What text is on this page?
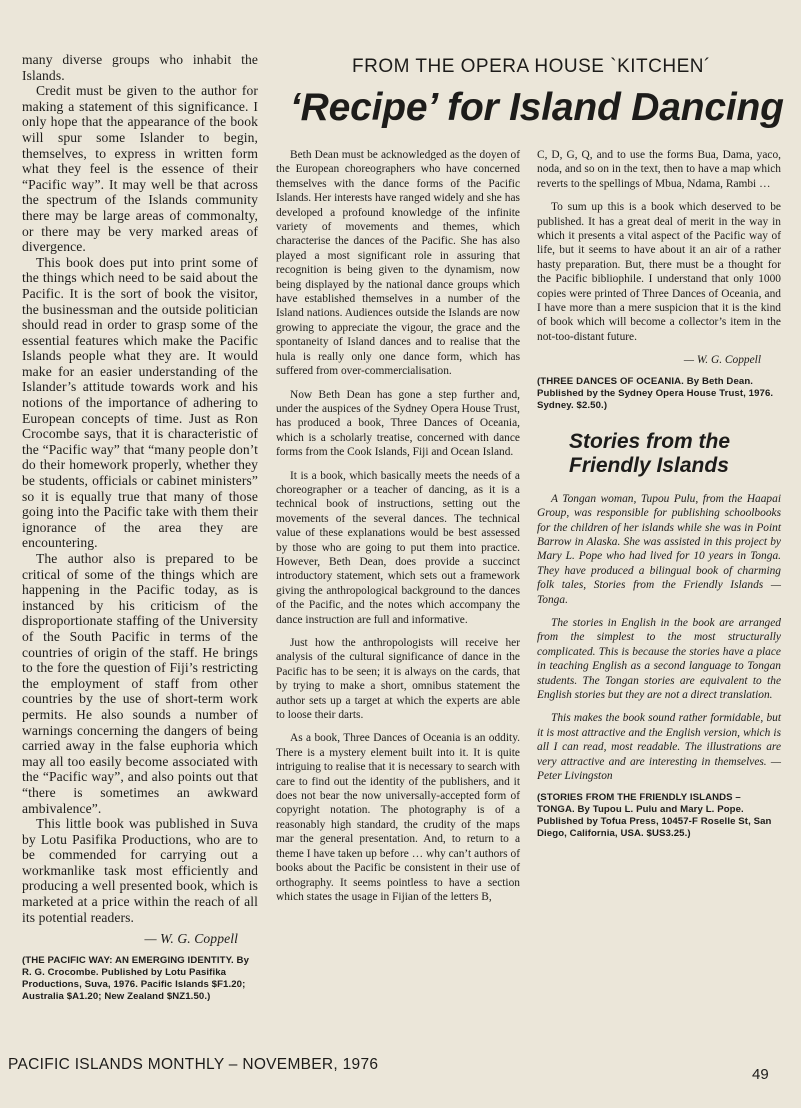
FROM THE OPERA HOUSE `KITCHEN´
‘Recipe’ for Island Dancing

many diverse groups who inhabit the Islands.

Credit must be given to the author for making a statement of this significance. I only hope that the appearance of the book will spur some Islander to begin, themselves, to express in written form what they feel is the essence of their “Pacific way”. It may well be that across the spectrum of the Islands community there may be large areas of commonalty, or there may be very marked areas of divergence.

This book does put into print some of the things which need to be said about the Pacific. It is the sort of book the visitor, the businessman and the outside politician should read in order to grasp some of the essential features which make the Pacific Islands people what they are. It would make for an easier understanding of the Islander’s attitude towards work and his notions of the importance of adhering to European concepts of time. Just as Ron Crocombe says, that it is characteristic of the “Pacific way” that “many people don’t do their homework properly, whether they be students, officials or cabinet ministers” so it is equally true that many of those going into the Pacific take with them their ignorance of the area they are encountering.

The author also is prepared to be critical of some of the things which are happening in the Pacific today, as is instanced by his criticism of the disproportionate staffing of the University of the South Pacific in terms of the countries of origin of the staff. He brings to the fore the question of Fiji’s restricting the employment of staff from other countries by the use of short-term work permits. He also sounds a number of warnings concerning the dangers of being carried away in the false euphoria which may all too easily become associated with the “Pacific way”, and also points out that “there is sometimes an awkward ambivalence”.

This little book was published in Suva by Lotu Pasifika Productions, who are to be commended for carrying out a workmanlike task most efficiently and producing a well presented book, which is marketed at a price within the reach of all its potential readers.

— W. G. Coppell
(THE PACIFIC WAY: AN EMERGING IDENTITY. By R. G. Crocombe. Published by Lotu Pasifika Productions, Suva, 1976. Pacific Islands $F1.20; Australia $A1.20; New Zealand $NZ1.50.)

Beth Dean must be acknowledged as the doyen of the European choreographers who have concerned themselves with the dance forms of the Pacific Islands. Her interests have ranged widely and she has developed a profound knowledge of the infinite variety of movements and themes, which characterise the dances of the Pacific. She has also played a most significant role in assuring that recognition is being given to the dynamism, now being displayed by the national dance groups which have established themselves in a number of the Island nations. Audiences outside the Islands are now growing to appreciate the vigour, the grace and the spontaneity of Island dances and to realise that the hula is really only one dance form, which has suffered from over-commercialisation.

Now Beth Dean has gone a step further and, under the auspices of the Sydney Opera House Trust, has produced a book, Three Dances of Oceania, which is a scholarly treatise, concerned with dance forms from the Cook Islands, Fiji and Ocean Island.

It is a book, which basically meets the needs of a choreographer or a teacher of dancing, as it is a technical book of instructions, setting out the movements of the several dances. The technical value of these explanations would be best assessed by those who are going to put them into practice. However, Beth Dean, does provide a succinct introductory statement, which sets out a framework giving the anthropological background to the dances of the Pacific, and the notes which accompany the dance instruction are full and informative.

Just how the anthropologists will receive her analysis of the cultural significance of dance in the Pacific has to be seen; it is always on the cards, that by trying to make a short, omnibus statement the author sets up a target at which the experts are able to loose their darts.

As a book, Three Dances of Oceania is an oddity. There is a mystery element built into it. It is quite intriguing to realise that it is necessary to search with care to find out the identity of the publishers, and it does not bear the now universally-accepted form of copyright notation. The photography is of a reasonably high standard, the crudity of the maps mar the general presentation. And, to return to a theme I have taken up before … why can’t authors of books about the Pacific be consistent in their use of orthography. It seems pointless to have a section which states the usage in Fijian of the letters B,

C, D, G, Q, and to use the forms Bua, Dama, yaco, noda, and so on in the text, then to have a map which reverts to the spellings of Mbua, Ndama, Rambi …

To sum up this is a book which deserved to be published. It has a great deal of merit in the way in which it presents a vital aspect of the Pacific way of life, but it seems to have about it an air of a rather hasty preparation. But, there must be a thought for the Pacific bibliophile. I understand that only 1000 copies were printed of Three Dances of Oceania, and I have more than a mere suspicion that it is the kind of book which will become a collector’s item in the not-too-distant future.

— W. G. Coppell
(THREE DANCES OF OCEANIA. By Beth Dean. Published by the Sydney Opera House Trust, 1976. Sydney. $2.50.)
Stories from the Friendly Islands

A Tongan woman, Tupou Pulu, from the Haapai Group, was responsible for publishing schoolbooks for the children of her islands while she was in Point Barrow in Alaska. She was assisted in this project by Mary L. Pope who had lived for 10 years in Tonga. They have produced a bilingual book of charming folk tales, Stories from the Friendly Islands — Tonga.

The stories in English in the book are arranged from the simplest to the most structurally complicated. This is because the stories have a place in teaching English as a second language to Tongan students. The Tongan stories are equivalent to the English stories but they are not a direct translation.

This makes the book sound rather formidable, but it is most attractive and the English version, which is all I can read, most readable. The illustrations are very attractive and are interesting in themselves. — Peter Livingston

(STORIES FROM THE FRIENDLY ISLANDS – TONGA. By Tupou L. Pulu and Mary L. Pope. Published by Tofua Press, 10457-F Roselle St, San Diego, California, USA. $US3.25.)
PACIFIC ISLANDS MONTHLY – NOVEMBER, 1976
49
